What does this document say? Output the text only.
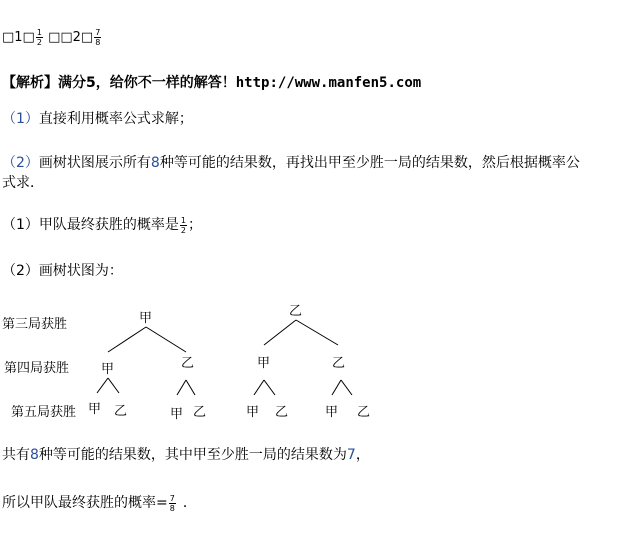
□1□ $\frac{1}{2}$ □□2□ $\frac{7}{8}$
【解析】满分5，给你不一样的解答！http://www.manfen5.com
（1）直接利用概率公式求解；
（2）画树状图展示所有8种等可能的结果数，再找出甲至少胜一局的结果数，然后根据概率公
式求．
（1）甲队最终获胜的概率是 $\frac{1}{2}$ ；
（2）画树状图为：
第三局获胜
第四局获胜
第五局获胜
甲	乙
甲	乙	甲	乙
甲 乙	甲 乙	甲 乙	甲 乙
共有8种等可能的结果数，其中甲至少胜一局的结果数为7，
所以甲队最终获胜的概率= $\frac{7}{8}$ ．
